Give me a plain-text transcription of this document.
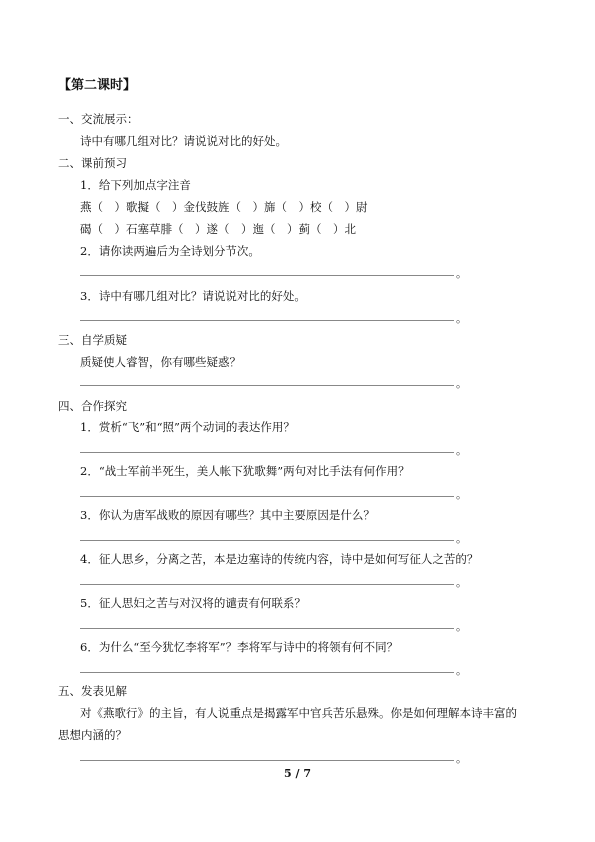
【第二课时】
一、交流展示：
诗中有哪几组对比？请说说对比的好处。
二、课前预习
1．给下列加点字注音
燕（　）歌擬（　）金伐鼓旌（　）旆（　）校（　）尉
碣（　）石塞草腓（　）遂（　）迤（　）蓟（　）北
2．请你读两遍后为全诗划分节次。
。
3．诗中有哪几组对比？请说说对比的好处。
。
三、自学质疑
质疑使人睿智，你有哪些疑惑？
。
四、合作探究
1．赏析“飞”和“照”两个动词的表达作用？
。
2．“战士军前半死生，美人帐下犹歌舞”两句对比手法有何作用？
。
3．你认为唐军战败的原因有哪些？其中主要原因是什么？
。
4．征人思乡，分离之苦，本是边塞诗的传统内容，诗中是如何写征人之苦的？
。
5．征人思妇之苦与对汉将的谴责有何联系？
。
6．为什么“至今犹忆李将军”？李将军与诗中的将领有何不同？
。
五、发表见解
对《燕歌行》的主旨，有人说重点是揭露军中官兵苦乐悬殊。你是如何理解本诗丰富的
思想内涵的？
。
5 / 7
